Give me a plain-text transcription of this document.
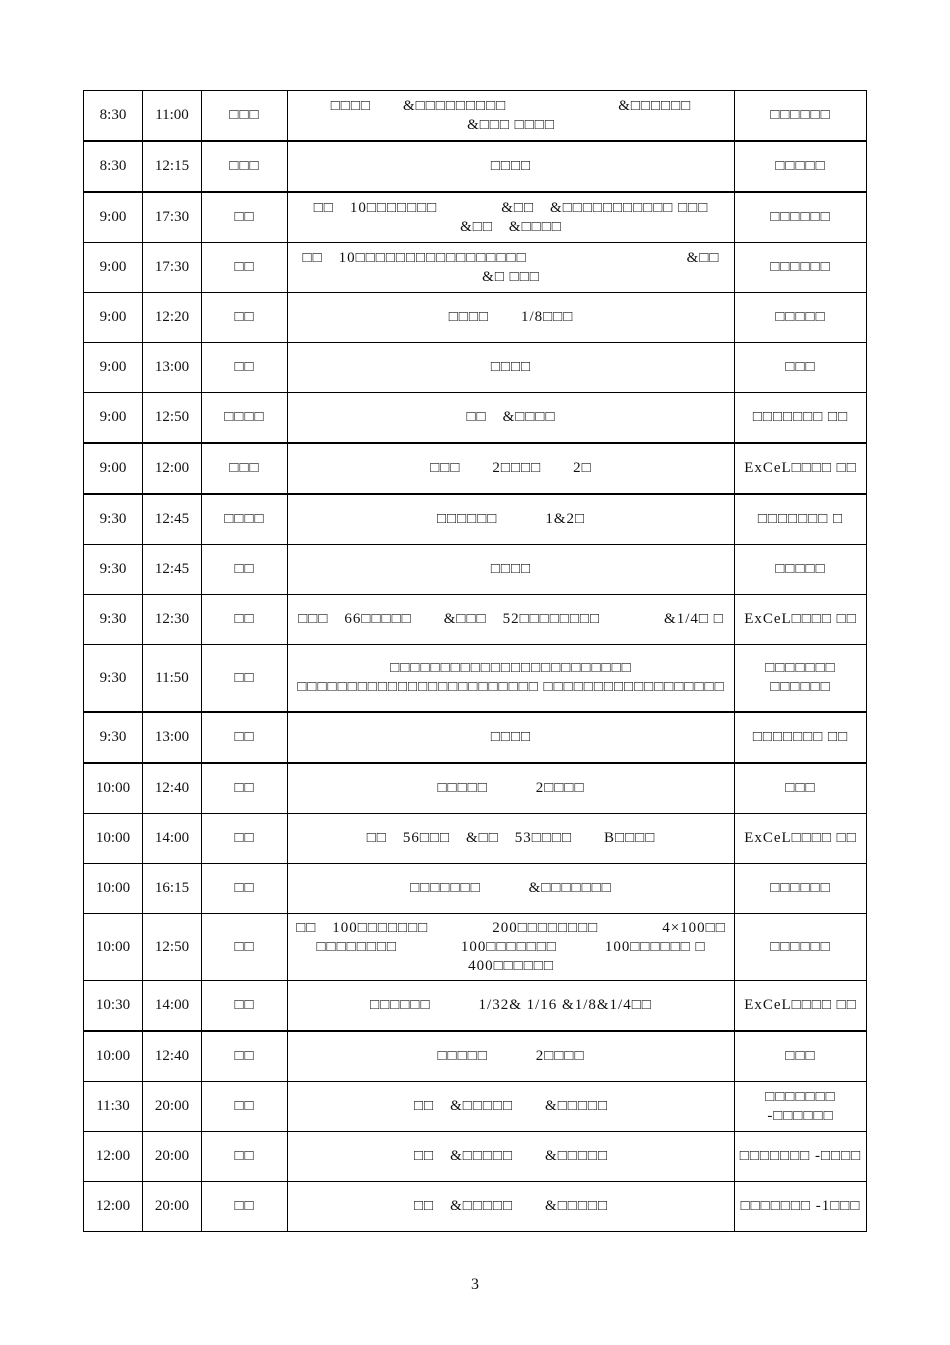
8:30	11:00	□□□	□□□□　　&□□□□□□□□□　　　　　　　&□□□□□□　　　　&□□□ □□□□	□□□□□□
8:30	12:15	□□□	□□□□	□□□□□
9:00	17:30	□□	□□　10□□□□□□□　　　　&□□　&□□□□□□□□□□□ □□□　&□□　&□□□□	□□□□□□
9:00	17:30	□□	□□　10□□□□□□□□□□□□□□□□□　　　　　　　　　　&□□　&□ □□□	□□□□□□
9:00	12:20	□□	□□□□　　1/8□□□	□□□□□
9:00	13:00	□□	□□□□	□□□
9:00	12:50	□□□□	□□　&□□□□	□□□□□□□ □□
9:00	12:00	□□□	□□□　　2□□□□　　2□	ExCeL□□□□ □□
9:30	12:45	□□□□	□□□□□□　　　1&2□	□□□□□□□ □
9:30	12:45	□□	□□□□	□□□□□
9:30	12:30	□□	□□□　66□□□□□　　&□□□　52□□□□□□□□　　　　&1/4□ □	ExCeL□□□□ □□
9:30	11:50	□□	□□□□□□□□□□□□□□□□□□□□□□□□ □□□□□□□□□□□□□□□□□□□□□□□□ □□□□□□□□□□□□□□□□□□	□□□□□□□ □□□□□□
9:30	13:00	□□	□□□□	□□□□□□□ □□
10:00	12:40	□□	□□□□□　　　2□□□□	□□□
10:00	14:00	□□	□□　56□□□　&□□　53□□□□　　B□□□□	ExCeL□□□□ □□
10:00	16:15	□□	□□□□□□□　　　&□□□□□□□	□□□□□□
10:00	12:50	□□	□□　100□□□□□□□　　　　200□□□□□□□□　　　　4×100□□ □□□□□□□□　　　　100□□□□□□□　　　100□□□□□□ □ 400□□□□□□	□□□□□□
10:30	14:00	□□	□□□□□□　　　1/32& 1/16 &1/8&1/4□□	ExCeL□□□□ □□
10:00	12:40	□□	□□□□□　　　2□□□□	□□□
11:30	20:00	□□	□□　&□□□□□　　&□□□□□	□□□□□□□ -□□□□□□
12:00	20:00	□□	□□　&□□□□□　　&□□□□□	□□□□□□□ -□□□□
12:00	20:00	□□	□□　&□□□□□　　&□□□□□	□□□□□□□ -1□□□
3
